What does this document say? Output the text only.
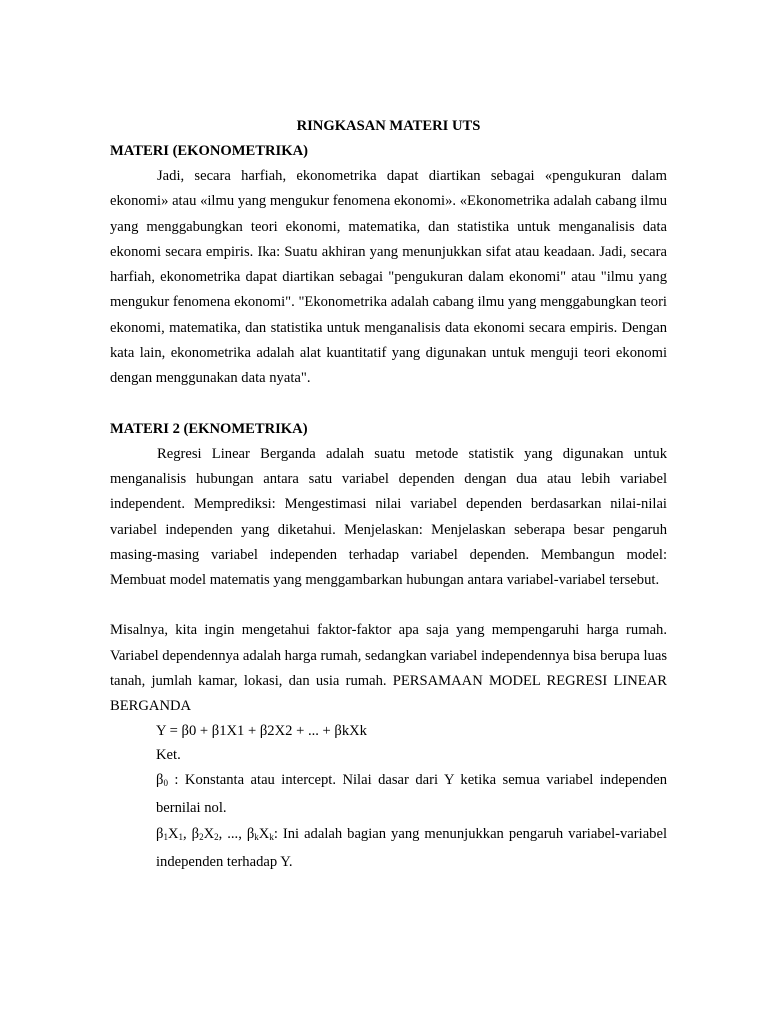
RINGKASAN MATERI UTS

MATERI (EKONOMETRIKA)

Jadi, secara harfiah, ekonometrika dapat diartikan sebagai «pengukuran dalam ekonomi» atau «ilmu yang mengukur fenomena ekonomi». «Ekonometrika adalah cabang ilmu yang menggabungkan teori ekonomi, matematika, dan statistika untuk menganalisis data ekonomi secara empiris. Ika: Suatu akhiran yang menunjukkan sifat atau keadaan. Jadi, secara harfiah, ekonometrika dapat diartikan sebagai "pengukuran dalam ekonomi" atau "ilmu yang mengukur fenomena ekonomi". "Ekonometrika adalah cabang ilmu yang menggabungkan teori ekonomi, matematika, dan statistika untuk menganalisis data ekonomi secara empiris. Dengan kata lain, ekonometrika adalah alat kuantitatif yang digunakan untuk menguji teori ekonomi dengan menggunakan data nyata".

MATERI 2 (EKNOMETRIKA)

Regresi Linear Berganda adalah suatu metode statistik yang digunakan untuk menganalisis hubungan antara satu variabel dependen dengan dua atau lebih variabel independent. Memprediksi: Mengestimasi nilai variabel dependen berdasarkan nilai-nilai variabel independen yang diketahui. Menjelaskan: Menjelaskan seberapa besar pengaruh masing-masing variabel independen terhadap variabel dependen. Membangun model: Membuat model matematis yang menggambarkan hubungan antara variabel-variabel tersebut.

Misalnya, kita ingin mengetahui faktor-faktor apa saja yang mempengaruhi harga rumah. Variabel dependennya adalah harga rumah, sedangkan variabel independennya bisa berupa luas tanah, jumlah kamar, lokasi, dan usia rumah. PERSAMAAN MODEL REGRESI LINEAR BERGANDA

Y = β0 + β1X1 + β2X2 + ... + βkXk

Ket.

$\beta_0$ : Konstanta atau intercept. Nilai dasar dari Y ketika semua variabel independen bernilai nol.

$\beta_1X_1$, $\beta_2X_2$, ..., $\beta_kX_k$: Ini adalah bagian yang menunjukkan pengaruh variabel-variabel independen terhadap Y.
